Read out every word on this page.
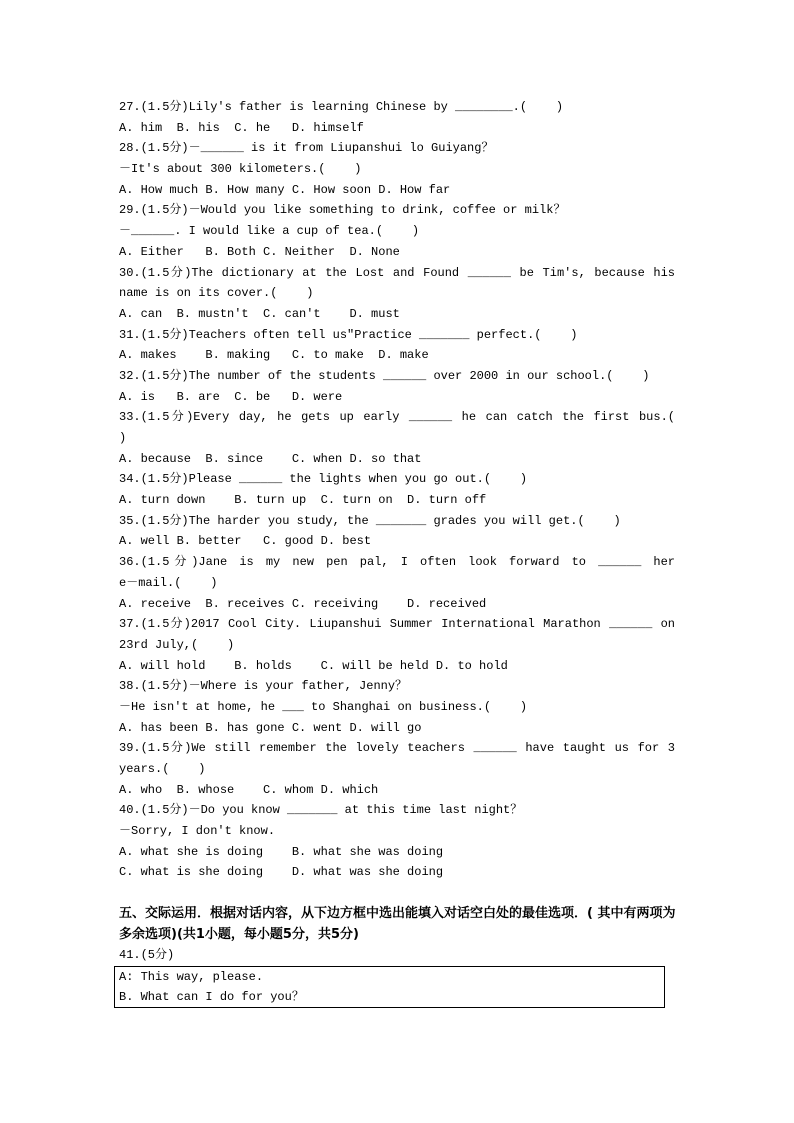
27.(1.5分)Lily's father is learning Chinese by ________.(    )
A. him  B. his  C. he   D. himself
28.(1.5分)－______ is it from Liupanshui lo Guiyang？
－It's about 300 kilometers.(    )
A. How much B. How many C. How soon D. How far
29.(1.5分)－Would you like something to drink, coffee or milk？
－______. I would like a cup of tea.(    )
A. Either   B. Both C. Neither  D. None
30.(1.5分)The dictionary at the Lost and Found ______ be Tim's, because his
name is on its cover.(    )
A. can  B. mustn't  C. can't    D. must
31.(1.5分)Teachers often tell us"Practice _______ perfect.(    )
A. makes    B. making   C. to make  D. make
32.(1.5分)The number of the students ______ over 2000 in our school.(    )
A. is   B. are  C. be   D. were
33.(1.5分)Every day, he gets up early ______ he can catch the first bus.(
)
A. because  B. since    C. when D. so that
34.(1.5分)Please ______ the lights when you go out.(    )
A. turn down    B. turn up  C. turn on  D. turn off
35.(1.5分)The harder you study, the _______ grades you will get.(    )
A. well B. better   C. good D. best
36.(1.5分)Jane is my new pen pal, I often look forward to ______ her
e－mail.(    )
A. receive  B. receives C. receiving    D. received
37.(1.5分)2017 Cool City. Liupanshui Summer International Marathon ______ on
23rd July,(    )
A. will hold    B. holds    C. will be held D. to hold
38.(1.5分)－Where is your father, Jenny？
－He isn't at home, he ___ to Shanghai on business.(    )
A. has been B. has gone C. went D. will go
39.(1.5分)We still remember the lovely teachers ______ have taught us for 3
years.(    )
A. who  B. whose    C. whom D. which
40.(1.5分)－Do you know _______ at this time last night？
－Sorry, I don't know.
A. what she is doing    B. what she was doing
C. what is she doing    D. what was she doing
五、交际运用．根据对话内容，从下边方框中选出能填入对话空白处的最佳选项．( 其中有两项为多余选项)(共1小题，每小题5分，共5分)
41.(5分)
A: This way, please.
B. What can I do for you？
